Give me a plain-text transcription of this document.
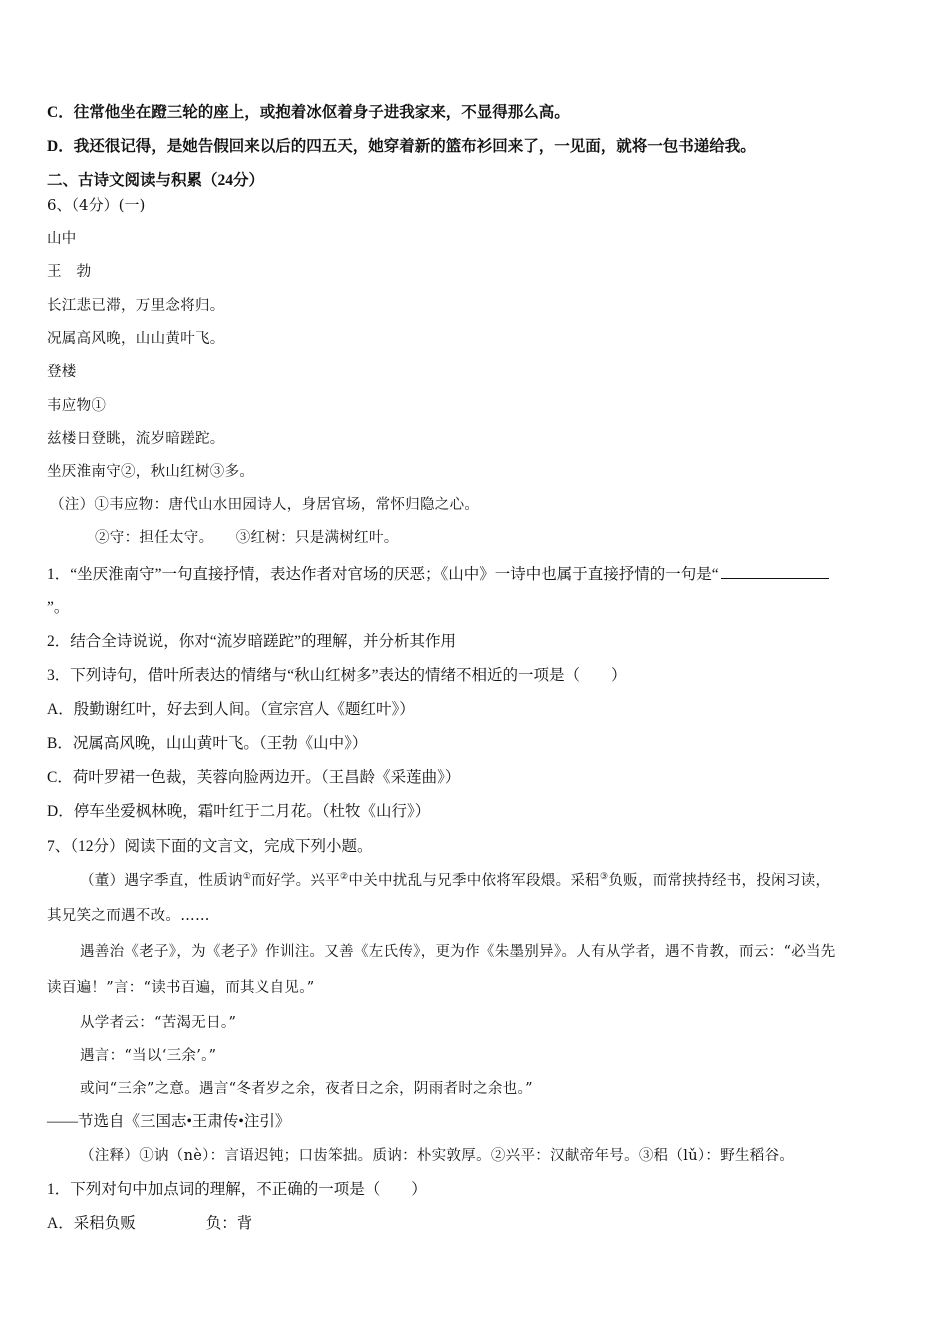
C．往常他坐在蹬三轮的座上，或抱着冰伛着身子进我家来，不显得那么高。
D．我还很记得，是她告假回来以后的四五天，她穿着新的篮布衫回来了，一见面，就将一包书递给我。
二、古诗文阅读与积累（24分）
6、（4分）(一)
山中
王　勃
长江悲已滞，万里念将归。
况属高风晚，山山黄叶飞。
登楼
韦应物①
兹楼日登眺，流岁暗蹉跎。
坐厌淮南守②，秋山红树③多。
（注）①韦应物：唐代山水田园诗人，身居官场，常怀归隐之心。
②守：担任太守。　　③红树：只是满树红叶。
1．“坐厌淮南守”一句直接抒情，表达作者对官场的厌恶；《山中》一诗中也属于直接抒情的一句是“
”。
2．结合全诗说说，你对“流岁暗蹉跎”的理解，并分析其作用
3．下列诗句，借叶所表达的情绪与“秋山红树多”表达的情绪不相近的一项是（　　）
A．殷勤谢红叶，好去到人间。（宣宗宫人《题红叶》）
B．况属高风晚，山山黄叶飞。（王勃《山中》）
C．荷叶罗裙一色裁，芙蓉向脸两边开。（王昌龄《采莲曲》）
D．停车坐爱枫林晚，霜叶红于二月花。（杜牧《山行》）
7、（12分）阅读下面的文言文，完成下列小题。
（董）遇字季直，性质讷①而好学。兴平②中关中扰乱与兄季中依将军段煨。采稆③负贩，而常挟持经书，投闲习读，
其兄笑之而遇不改。……
遇善治《老子》，为《老子》作训注。又善《左氏传》，更为作《朱墨别异》。人有从学者，遇不肯教，而云：“必当先
读百遍！”言：“读书百遍，而其义自见。”
从学者云：“苦渴无日。”
遇言：“当以‘三余’。”
或问“三余”之意。遇言“冬者岁之余，夜者日之余，阴雨者时之余也。”
——节选自《三国志•王肃传•注引》
（注释）①讷（nè）：言语迟钝；口齿笨拙。质讷：朴实敦厚。②兴平：汉献帝年号。③稆（lǔ）：野生稻谷。
1．下列对句中加点词的理解，不正确的一项是（　　）
A．采稆负贩	负：背
